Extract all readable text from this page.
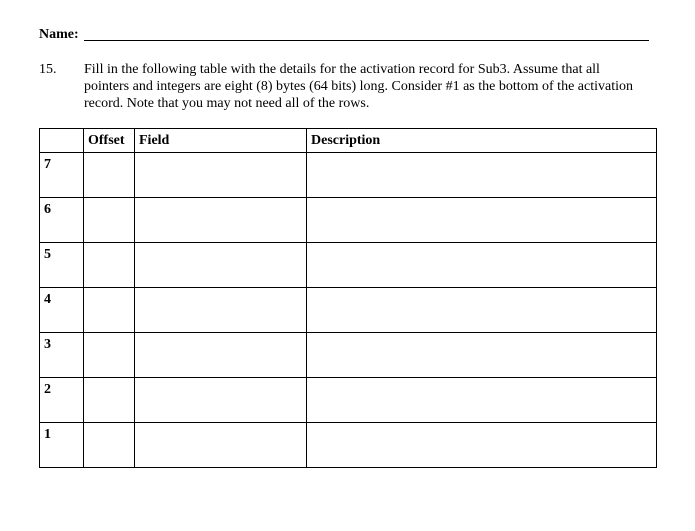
Name:
15. Fill in the following table with the details for the activation record for Sub3. Assume that all pointers and integers are eight (8) bytes (64 bits) long. Consider #1 as the bottom of the activation record. Note that you may not need all of the rows.
	Offset	Field	Description
7			
6			
5			
4			
3			
2			
1			
